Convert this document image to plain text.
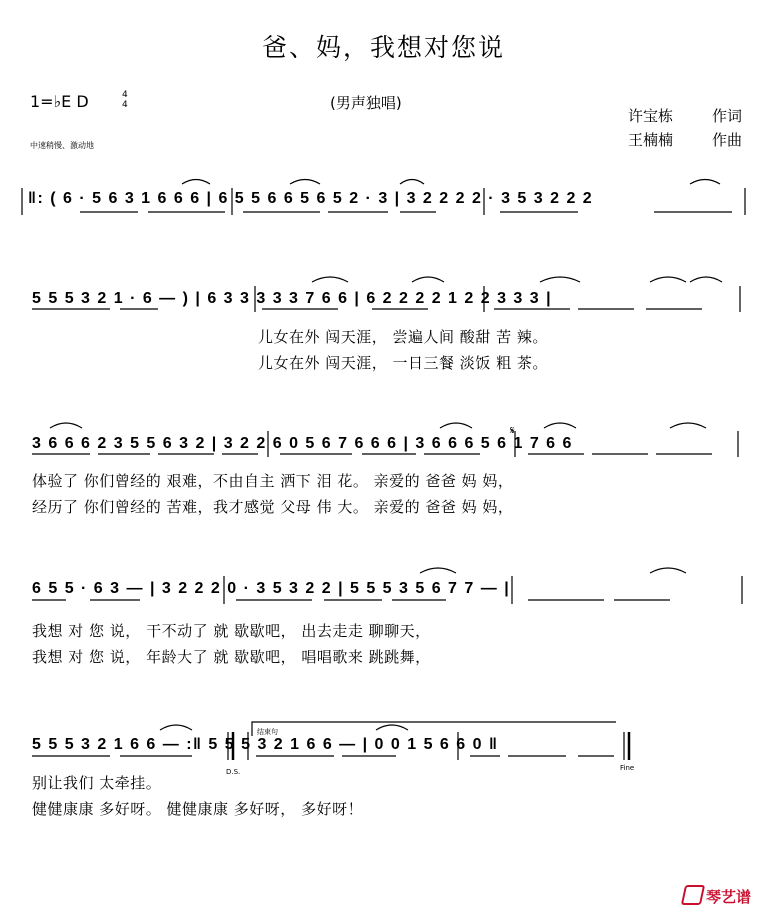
爸、妈，我想对您说
1=♭E D	4
4
中速稍慢、激动地
(男声独唱)
许宝栋	作词
王楠楠	作曲
‖: ( 6 · 5 6 3 1 6 6 6 | 6 5 5 6 6 5 6 5 2 · 3 | 3 2 2 2 2 · 3 5 3 2 2 2
5 5 5 3 2 1 · 6 — ) | 6 3 3 3 3 3 7 6 6 | 6 2 2 2 2 1 2 2 3 3 3 |
儿女在外 闯天涯， 尝遍人间 酸甜 苦 辣。
儿女在外 闯天涯， 一日三餐 淡饭 粗 茶。
3 6 6 6 2 3 5 5 6 3 2 | 3 2 2 6 0 5 6 7 6 6 6 | 3 6 6 6 5 6 1 7 6 6
𝄋
体验了 你们曾经的 艰难，不由自主 洒下 泪 花。 亲爱的 爸爸 妈 妈，
经历了 你们曾经的 苦难，我才感觉 父母 伟 大。 亲爱的 爸爸 妈 妈，
6 5 5 · 6 3 — | 3 2 2 2 0 · 3 5 3 2 2 | 5 5 5 3 5 6 7 7 — |
我想 对 您 说， 干不动了 就 歇歇吧， 出去走走 聊聊天，
我想 对 您 说， 年龄大了 就 歇歇吧， 唱唱歌来 跳跳舞，
结束句
5 5 5 3 2 1 6 6 — :‖ 5 5 5 3 2 1 6 6 — | 0 0 1 5 6 6 0 ‖
D.S.	Fine
别让我们 太牵挂。
健健康康 多好呀。 健健康康 多好呀， 多好呀！
琴艺谱
